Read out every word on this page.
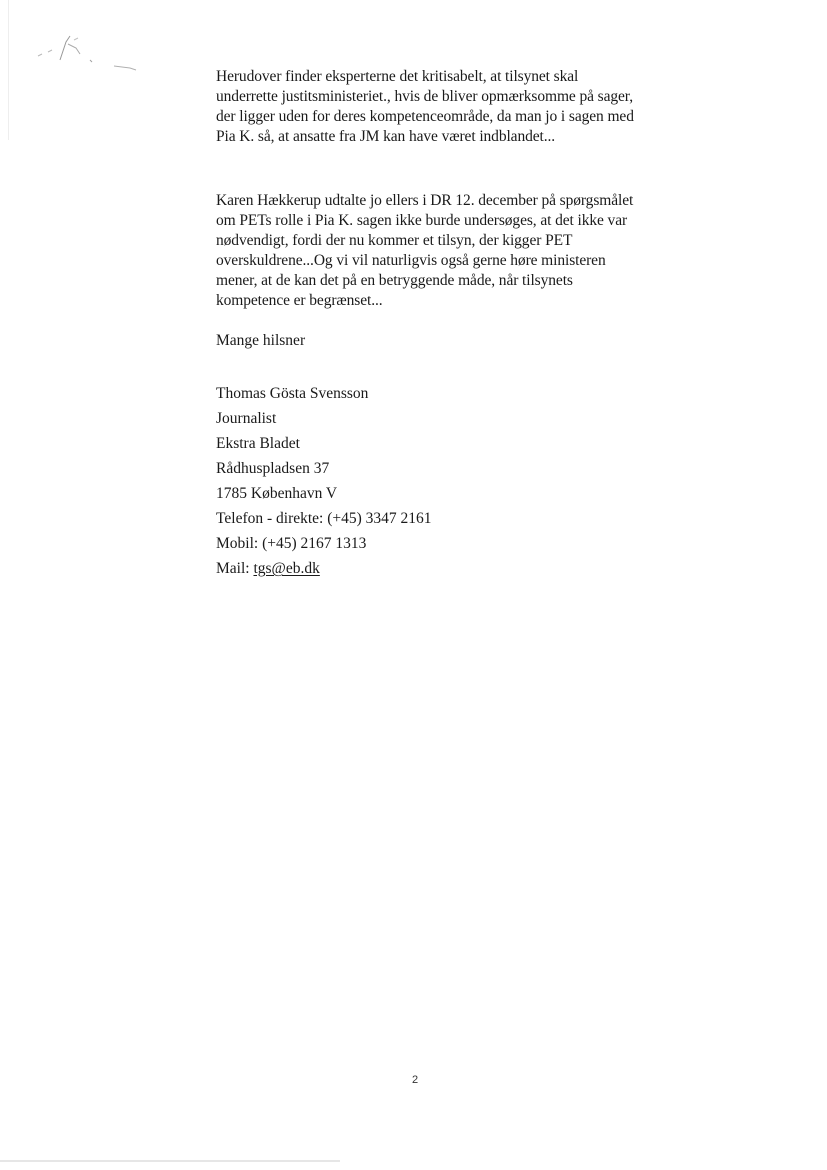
Herudover finder eksperterne det kritisabelt, at tilsynet skal underrette justitsministeriet., hvis de bliver opmærksomme på sager, der ligger uden for deres kompetenceområde, da man jo i sagen med Pia K. så, at ansatte fra JM kan have været indblandet...

Karen Hækkerup udtalte jo ellers i DR 12. december på spørgsmålet om PETs rolle i Pia K. sagen ikke burde undersøges, at det ikke var nødvendigt, fordi der nu kommer et tilsyn, der kigger PET overskuldrene...Og vi vil naturligvis også gerne høre ministeren mener, at de kan det på en betryggende måde, når tilsynets kompetence er begrænset...

Mange hilsner

Thomas Gösta Svensson
Journalist
Ekstra Bladet
Rådhuspladsen 37
1785 København V
Telefon - direkte: (+45) 3347 2161
Mobil: (+45) 2167 1313
Mail: tgs@eb.dk
2
